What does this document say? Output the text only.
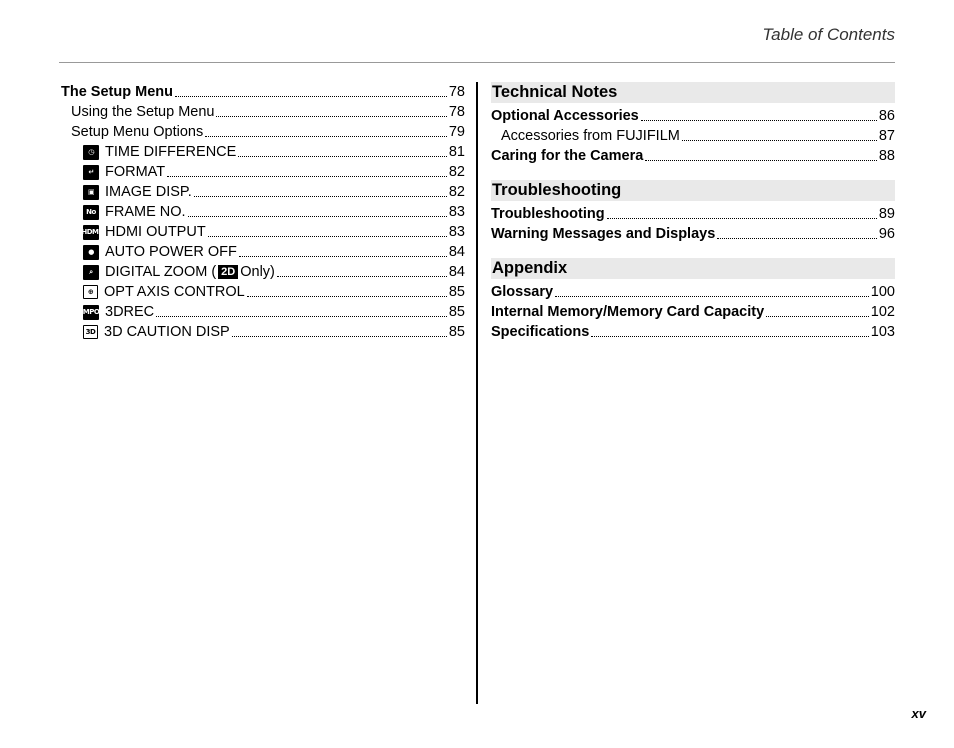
Table of Contents
The Setup Menu	78
Using the Setup Menu	78
Setup Menu Options	79
◷ TIME DIFFERENCE	81
↵ FORMAT	82
▣ IMAGE DISP.	82
No FRAME NO.	83
HDMI HDMI OUTPUT	83
● AUTO POWER OFF	84
⌕ DIGITAL ZOOM ( 2D Only)	84
⊕ OPT AXIS CONTROL	85
MPO 3DREC	85
3D 3D CAUTION DISP	85
Technical Notes
Optional Accessories	86
Accessories from FUJIFILM	87
Caring for the Camera	88
Troubleshooting
Troubleshooting	89
Warning Messages and Displays	96
Appendix
Glossary	100
Internal Memory/Memory Card Capacity	102
Specifications	103
xv
